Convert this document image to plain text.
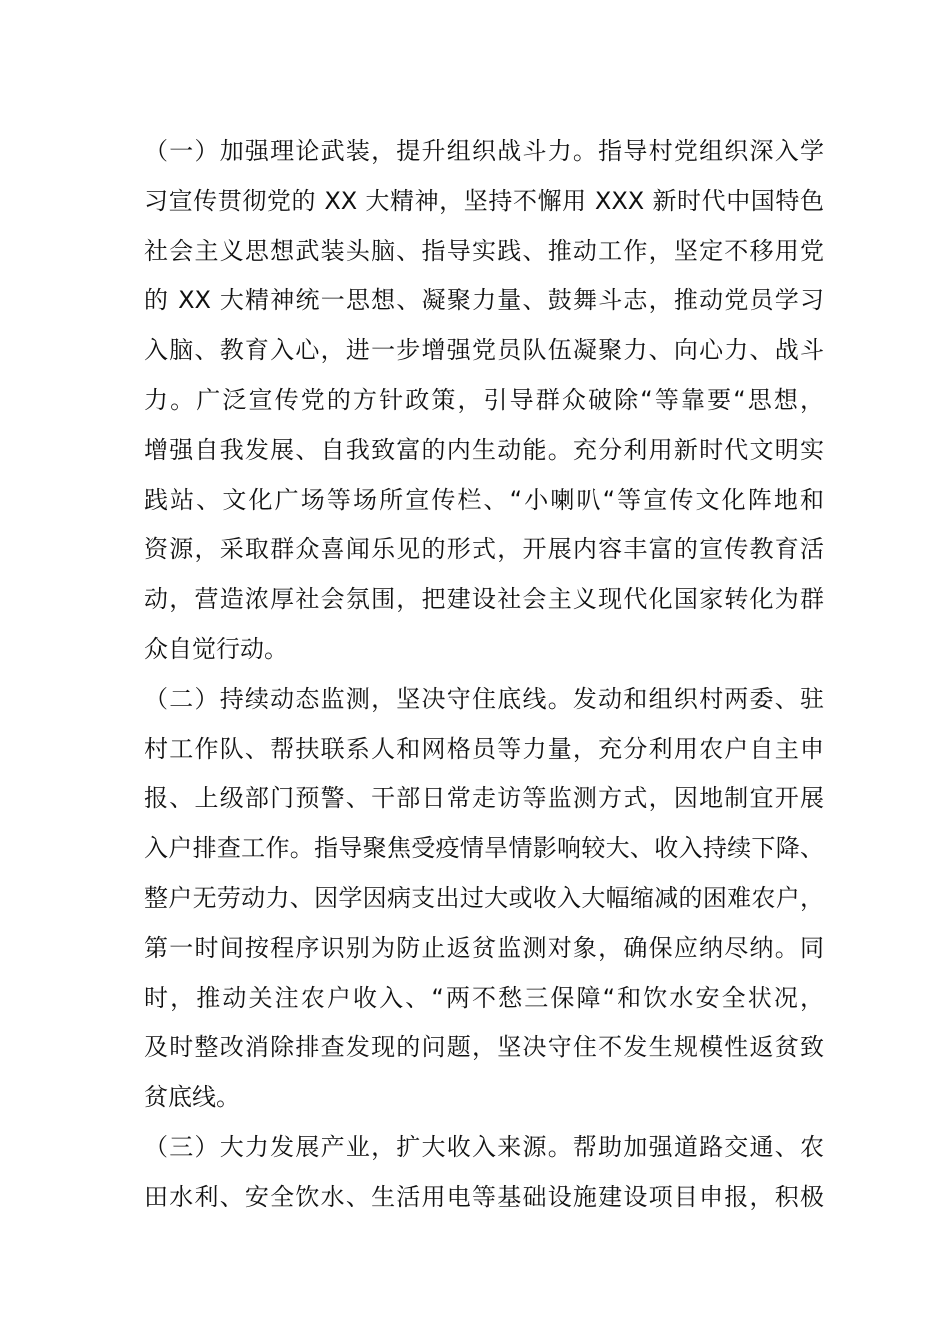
（一）加强理论武装，提升组织战斗力。指导村党组织深入学
习宣传贯彻党的 XX 大精神，坚持不懈用 XXX 新时代中国特色
社会主义思想武装头脑、指导实践、推动工作，坚定不移用党
的 XX 大精神统一思想、凝聚力量、鼓舞斗志，推动党员学习
入脑、教育入心，进一步增强党员队伍凝聚力、向心力、战斗
力。广泛宣传党的方针政策，引导群众破除“等靠要“思想，
增强自我发展、自我致富的内生动能。充分利用新时代文明实
践站、文化广场等场所宣传栏、“小喇叭“等宣传文化阵地和
资源，采取群众喜闻乐见的形式，开展内容丰富的宣传教育活
动，营造浓厚社会氛围，把建设社会主义现代化国家转化为群
众自觉行动。
（二）持续动态监测，坚决守住底线。发动和组织村两委、驻
村工作队、帮扶联系人和网格员等力量，充分利用农户自主申
报、上级部门预警、干部日常走访等监测方式，因地制宜开展
入户排查工作。指导聚焦受疫情旱情影响较大、收入持续下降、
整户无劳动力、因学因病支出过大或收入大幅缩减的困难农户，
第一时间按程序识别为防止返贫监测对象，确保应纳尽纳。同
时，推动关注农户收入、“两不愁三保障“和饮水安全状况，
及时整改消除排查发现的问题，坚决守住不发生规模性返贫致
贫底线。
（三）大力发展产业，扩大收入来源。帮助加强道路交通、农
田水利、安全饮水、生活用电等基础设施建设项目申报，积极
